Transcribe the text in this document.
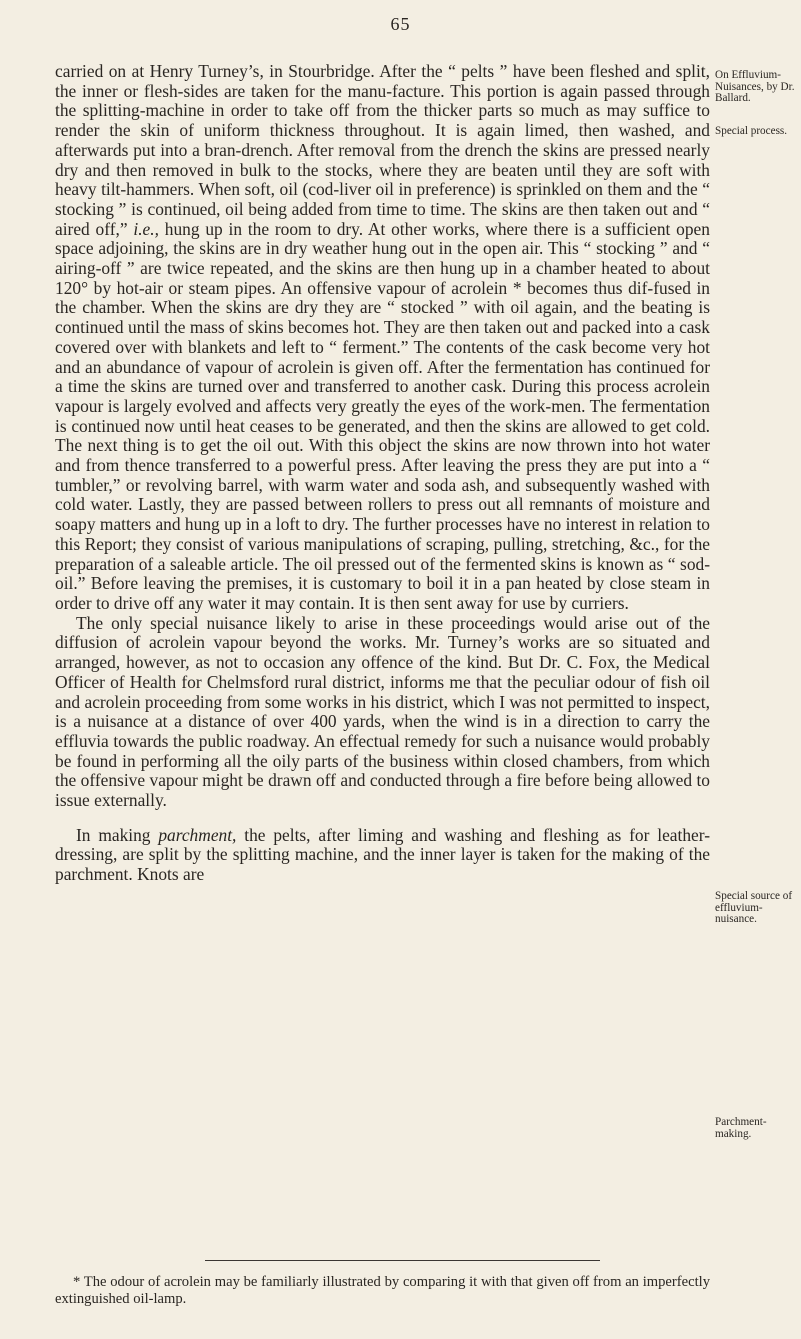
65
On Effluvium-Nuisances, by Dr. Ballard.
Special process.
Special source of effluvium-nuisance.
Parchment-making.

carried on at Henry Turney’s, in Stourbridge. After the “ pelts ” have been fleshed and split, the inner or flesh-sides are taken for the manu-facture. This portion is again passed through the splitting-machine in order to take off from the thicker parts so much as may suffice to render the skin of uniform thickness throughout. It is again limed, then washed, and afterwards put into a bran-drench. After removal from the drench the skins are pressed nearly dry and then removed in bulk to the stocks, where they are beaten until they are soft with heavy tilt-hammers. When soft, oil (cod-liver oil in preference) is sprinkled on them and the “ stocking ” is continued, oil being added from time to time. The skins are then taken out and “ aired off,” i.e., hung up in the room to dry. At other works, where there is a sufficient open space adjoining, the skins are in dry weather hung out in the open air. This “ stocking ” and “ airing-off ” are twice repeated, and the skins are then hung up in a chamber heated to about 120° by hot-air or steam pipes. An offensive vapour of acrolein * becomes thus dif-fused in the chamber. When the skins are dry they are “ stocked ” with oil again, and the beating is continued until the mass of skins becomes hot. They are then taken out and packed into a cask covered over with blankets and left to “ ferment.” The contents of the cask become very hot and an abundance of vapour of acrolein is given off. After the fermentation has continued for a time the skins are turned over and transferred to another cask. During this process acrolein vapour is largely evolved and affects very greatly the eyes of the work-men. The fermentation is continued now until heat ceases to be generated, and then the skins are allowed to get cold. The next thing is to get the oil out. With this object the skins are now thrown into hot water and from thence transferred to a powerful press. After leaving the press they are put into a “ tumbler,” or revolving barrel, with warm water and soda ash, and subsequently washed with cold water. Lastly, they are passed between rollers to press out all remnants of moisture and soapy matters and hung up in a loft to dry. The further processes have no interest in relation to this Report; they consist of various manipulations of scraping, pulling, stretching, &c., for the preparation of a saleable article. The oil pressed out of the fermented skins is known as “ sod-oil.” Before leaving the premises, it is customary to boil it in a pan heated by close steam in order to drive off any water it may contain. It is then sent away for use by curriers.

The only special nuisance likely to arise in these proceedings would arise out of the diffusion of acrolein vapour beyond the works. Mr. Turney’s works are so situated and arranged, however, as not to occasion any offence of the kind. But Dr. C. Fox, the Medical Officer of Health for Chelmsford rural district, informs me that the peculiar odour of fish oil and acrolein proceeding from some works in his district, which I was not permitted to inspect, is a nuisance at a distance of over 400 yards, when the wind is in a direction to carry the effluvia towards the public roadway. An effectual remedy for such a nuisance would probably be found in performing all the oily parts of the business within closed chambers, from which the offensive vapour might be drawn off and conducted through a fire before being allowed to issue externally.

In making parchment, the pelts, after liming and washing and fleshing as for leather-dressing, are split by the splitting machine, and the inner layer is taken for the making of the parchment. Knots are

* The odour of acrolein may be familiarly illustrated by comparing it with that given off from an imperfectly extinguished oil-lamp.
